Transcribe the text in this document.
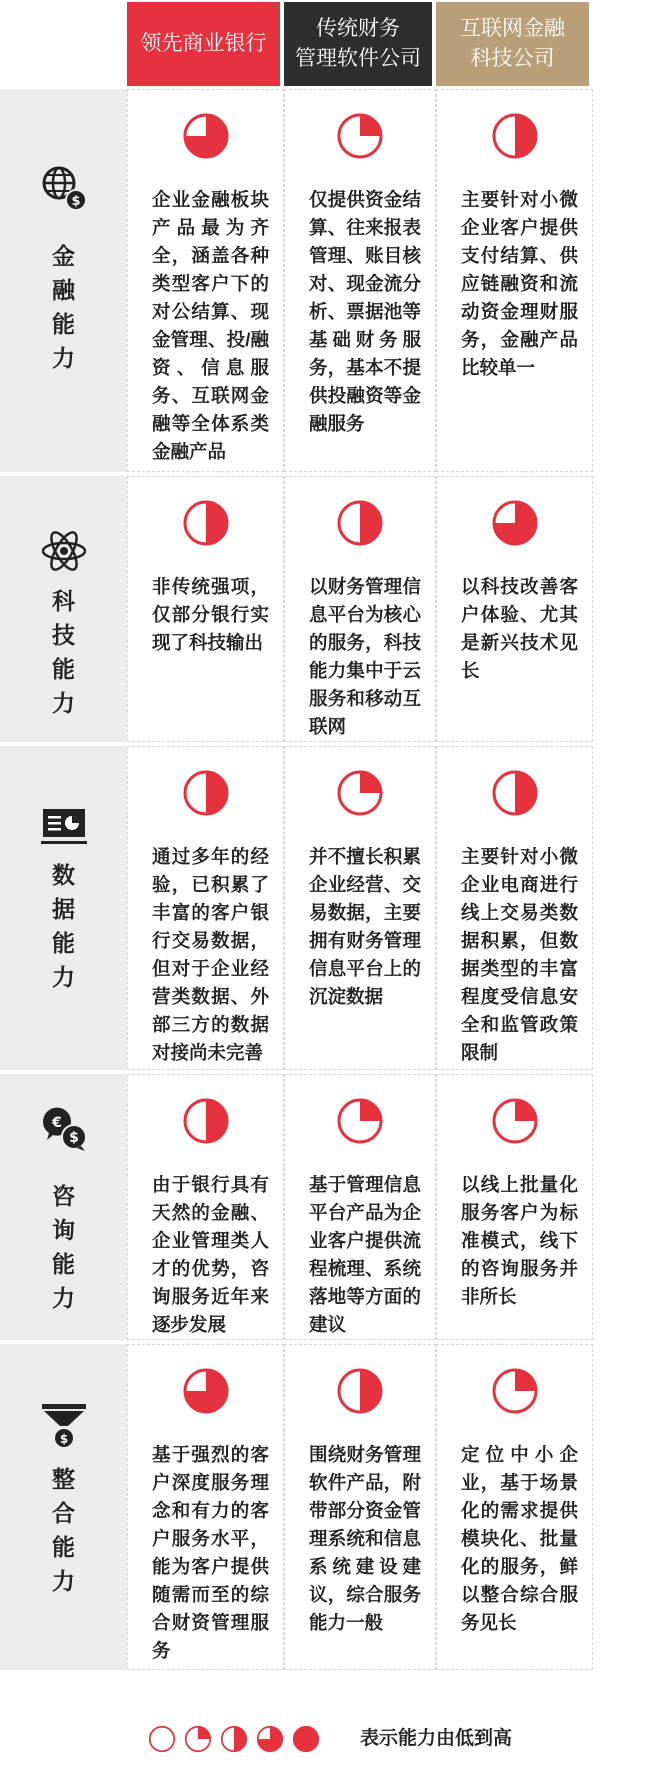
领先商业银行
传统财务
管理软件公司
互联网金融
科技公司
$
金
融
能
力
科
技
能
力
数
据
能
力
€
$
咨
询
能
力
$
整
合
能
力
企业金融板块产品最为齐全，涵盖各种类型客户下的对公结算、现金管理、投/融资、信息服务、互联网金融等全体系类金融产品
仅提供资金结算、往来报表管理、账目核对、现金流分析、票据池等基础财务服务，基本不提供投融资等金融服务
主要针对小微企业客户提供支付结算、供应链融资和流动资金理财服务，金融产品比较单一
非传统强项，仅部分银行实现了科技输出
以财务管理信息平台为核心的服务，科技能力集中于云服务和移动互联网
以科技改善客户体验、尤其是新兴技术见长
通过多年的经验，已积累了丰富的客户银行交易数据，但对于企业经营类数据、外部三方的数据对接尚未完善
并不擅长积累企业经营、交易数据，主要拥有财务管理信息平台上的沉淀数据
主要针对小微企业电商进行线上交易类数据积累，但数据类型的丰富程度受信息安全和监管政策限制
由于银行具有天然的金融、企业管理类人才的优势，咨询服务近年来逐步发展
基于管理信息平台产品为企业客户提供流程梳理、系统落地等方面的建议
以线上批量化服务客户为标准模式，线下的咨询服务并非所长
基于强烈的客户深度服务理念和有力的客户服务水平，能为客户提供随需而至的综合财资管理服务
围绕财务管理软件产品，附带部分资金管理系统和信息系统建设建议，综合服务能力一般
定位中小企业，基于场景化的需求提供模块化、批量化的服务，鲜以整合综合服务见长
表示能力由低到高
